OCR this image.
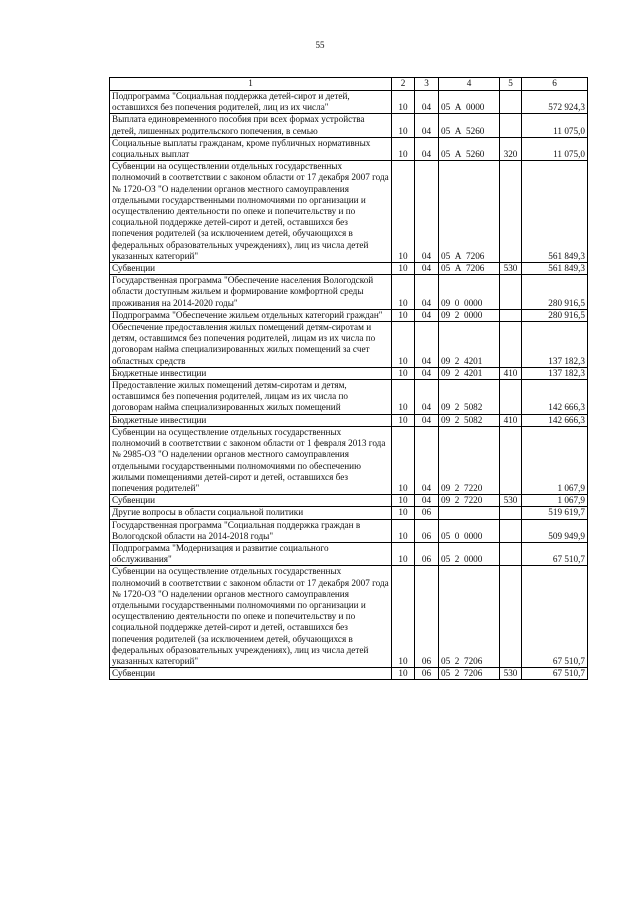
55
1	2	3	4	5	6
Подпрограмма "Социальная поддержка детей-сирот и детей, оставшихся без попечения родителей, лиц из их числа"	10	04	05  А  0000		572 924,3
Выплата единовременного пособия при всех формах устройства детей, лишенных родительского попечения, в семью	10	04	05  А  5260		11 075,0
Социальные выплаты гражданам, кроме публичных нормативных социальных выплат	10	04	05  А  5260	320	11 075,0
Субвенции на осуществлении отдельных государственных полномочий в соответствии с законом области от 17 декабря 2007 года № 1720-ОЗ "О наделении органов местного самоуправления отдельными государственными полномочиями по организации и осуществлению деятельности по опеке и попечительству и по социальной поддержке детей-сирот и детей, оставшихся без попечения родителей (за исключением детей, обучающихся в федеральных образовательных учреждениях), лиц из числа детей указанных категорий"	10	04	05  А  7206		561 849,3
Субвенции	10	04	05  А  7206	530	561 849,3
Государственная программа "Обеспечение населения Вологодской области доступным жильем и формирование комфортной среды проживания на 2014-2020 годы"	10	04	09  0  0000		280 916,5
Подпрограмма "Обеспечение жильем отдельных категорий граждан"	10	04	09  2  0000		280 916,5
Обеспечение предоставления жилых помещений детям-сиротам и детям, оставшимся без попечения родителей, лицам из их числа по договорам найма специализированных жилых помещений за счет областных средств	10	04	09  2  4201		137 182,3
Бюджетные инвестиции	10	04	09  2  4201	410	137 182,3
Предоставление жилых помещений детям-сиротам и детям, оставшимся без попечения родителей, лицам из их числа по договорам найма специализированных жилых помещений	10	04	09  2  5082		142 666,3
Бюджетные инвестиции	10	04	09  2  5082	410	142 666,3
Субвенции на осуществление отдельных государственных полномочий в соответствии с законом области от 1 февраля 2013 года № 2985-ОЗ "О наделении органов местного самоуправления отдельными государственными полномочиями по обеспечению жилыми помещениями детей-сирот и детей, оставшихся без попечения родителей"	10	04	09  2  7220		1 067,9
Субвенции	10	04	09  2  7220	530	1 067,9
Другие вопросы в области социальной политики	10	06			519 619,7
Государственная программа "Социальная поддержка граждан в Вологодской области на 2014-2018 годы"	10	06	05  0  0000		509 949,9
Подпрограмма "Модернизация и развитие социального обслуживания"	10	06	05  2  0000		67 510,7
Субвенции на осуществление отдельных государственных полномочий в соответствии с законом области от 17 декабря 2007 года № 1720-ОЗ "О наделении органов местного самоуправления отдельными государственными полномочиями по организации и осуществлению деятельности по опеке и попечительству и по социальной поддержке детей-сирот и детей, оставшихся без попечения родителей (за исключением детей, обучающихся в федеральных образовательных учреждениях), лиц из числа детей указанных категорий"	10	06	05  2  7206		67 510,7
Субвенции	10	06	05  2  7206	530	67 510,7
